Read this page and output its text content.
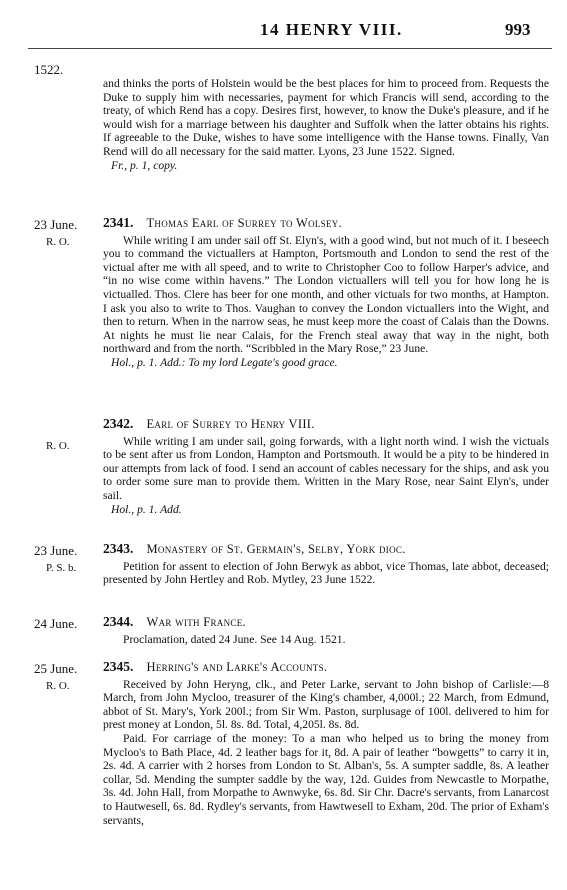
14 HENRY VIII.	993
1522.

and thinks the ports of Holstein would be the best places for him to proceed from. Requests the Duke to supply him with necessaries, payment for which Francis will send, according to the treaty, of which Rend has a copy. Desires first, however, to know the Duke's pleasure, and if he would wish for a marriage between his daughter and Suffolk when the latter obtains his rights. If agreeable to the Duke, wishes to have some intelligence with the Hanse towns. Finally, Van Rend will do all necessary for the said matter. Lyons, 23 June 1522. Signed.

Fr., p. 1, copy.

23 June.
R. O.
2341. Thomas Earl of Surrey to Wolsey.

While writing I am under sail off St. Elyn's, with a good wind, but not much of it. I beseech you to command the victuallers at Hampton, Portsmouth and London to send the rest of the victual after me with all speed, and to write to Christopher Coo to follow Harper's advice, and “in no wise come within havens.” The London victuallers will tell you for how long he is victualled. Thos. Clere has beer for one month, and other victuals for two months, at Hampton. I ask you also to write to Thos. Vaughan to convey the London victuallers into the Wight, and then to return. When in the narrow seas, he must keep more the coast of Calais than the Downs. At nights he must lie near Calais, for the French steal away that way in the night, both northward and from the north. “Scribbled in the Mary Rose,” 23 June.

Hol., p. 1. Add.: To my lord Legate's good grace.

R. O.
2342. Earl of Surrey to Henry VIII.

While writing I am under sail, going forwards, with a light north wind. I wish the victuals to be sent after us from London, Hampton and Portsmouth. It would be a pity to be hindered in our attempts from lack of food. I send an account of cables necessary for the ships, and ask you to order some sure man to provide them. Written in the Mary Rose, near Saint Elyn's, under sail.

Hol., p. 1. Add.

23 June.
P. S. b.
2343. Monastery of St. Germain's, Selby, York dioc.

Petition for assent to election of John Berwyk as abbot, vice Thomas, late abbot, deceased; presented by John Hertley and Rob. Mytley, 23 June 1522.

24 June.	2344. War with France.

Proclamation, dated 24 June. See 14 Aug. 1521.

25 June.
R. O.
2345. Herring's and Larke's Accounts.

Received by John Heryng, clk., and Peter Larke, servant to John bishop of Carlisle:—8 March, from John Mycloo, treasurer of the King's chamber, 4,000l.; 22 March, from Edmund, abbot of St. Mary's, York 200l.; from Sir Wm. Paston, surplusage of 100l. delivered to him for prest money at London, 5l. 8s. 8d. Total, 4,205l. 8s. 8d.

Paid. For carriage of the money: To a man who helped us to bring the money from Mycloo's to Bath Place, 4d. 2 leather bags for it, 8d. A pair of leather “bowgetts” to carry it in, 2s. 4d. A carrier with 2 horses from London to St. Alban's, 5s. A sumpter saddle, 8s. A leather collar, 5d. Mending the sumpter saddle by the way, 12d. Guides from Newcastle to Morpathe, 3s. 4d. John Hall, from Morpathe to Awnwyke, 6s. 8d. Sir Chr. Dacre's servants, from Lanarcost to Hautwesell, 6s. 8d. Rydley's servants, from Hawtwesell to Exham, 20d. The prior of Exham's servants,
